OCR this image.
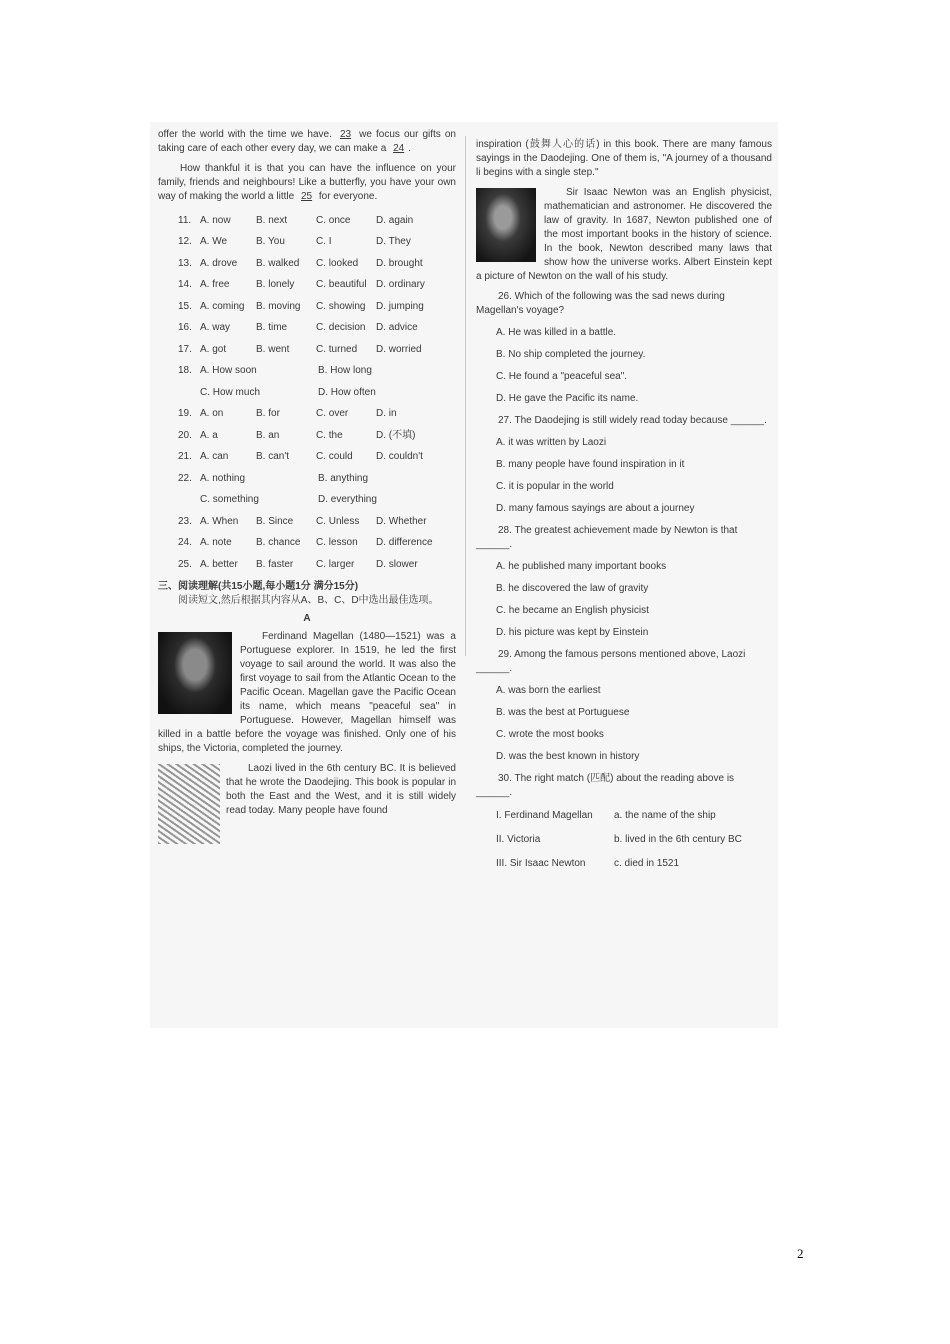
offer the world with the time we have. 23 we focus our gifts on taking care of each other every day, we can make a 24 .

How thankful it is that you can have the influence on your family, friends and neighbours! Like a butterfly, you have your own way of making the world a little 25 for everyone.

11. A. now	B. next	C. once	D. again
12. A. We	B. You	C. I	D. They
13. A. drove	B. walked	C. looked	D. brought
14. A. free	B. lonely	C. beautiful D. ordinary
15. A. coming	B. moving	C. showing	D. jumping
16. A. way	B. time	C. decision	D. advice
17. A. got	B. went	C. turned	D. worried
18. A. How soon	B. How long
C. How much	D. How often
19. A. on	B. for	C. over	D. in
20. A. a	B. an	C. the	D. (不填)
21. A. can	B. can't	C. could	D. couldn't
22. A. nothing	B. anything
C. something	D. everything
23. A. When	B. Since	C. Unless	D. Whether
24. A. note	B. chance	C. lesson	D. difference
25. A. better	B. faster	C. larger	D. slower
三、阅读理解(共15小题,每小题1分 满分15分)
阅读短文,然后根据其内容从A、B、C、D中选出最佳选项。
A

Ferdinand Magellan (1480—1521) was a Portuguese explorer. In 1519, he led the first voyage to sail around the world. It was also the first voyage to sail from the Atlantic Ocean to the Pacific Ocean. Magellan gave the Pacific Ocean its name, which means "peaceful sea" in Portuguese. However, Magellan himself was killed in a battle before the voyage was finished. Only one of his ships, the Victoria, completed the journey.

Laozi lived in the 6th century BC. It is believed that he wrote the Daodejing. This book is popular in both the East and the West, and it is still widely read today. Many people have found

inspiration (鼓舞人心的话) in this book. There are many famous sayings in the Daodejing. One of them is, "A journey of a thousand li begins with a single step."

Sir Isaac Newton was an English physicist, mathematician and astronomer. He discovered the law of gravity. In 1687, Newton published one of the most important books in the history of science. In the book, Newton described many laws that show how the universe works. Albert Einstein kept a picture of Newton on the wall of his study.

26. Which of the following was the sad news during Magellan's voyage?
A. He was killed in a battle.
B. No ship completed the journey.
C. He found a "peaceful sea".
D. He gave the Pacific its name.
27. The Daodejing is still widely read today because ______.
A. it was written by Laozi
B. many people have found inspiration in it
C. it is popular in the world
D. many famous sayings are about a journey
28. The greatest achievement made by Newton is that ______.
A. he published many important books
B. he discovered the law of gravity
C. he became an English physicist
D. his picture was kept by Einstein
29. Among the famous persons mentioned above, Laozi ______.
A. was born the earliest
B. was the best at Portuguese
C. wrote the most books
D. was the best known in history
30. The right match (匹配) about the reading above is ______.
I. Ferdinand Magellan	a. the name of the ship
II. Victoria	b. lived in the 6th century BC
III. Sir Isaac Newton	c. died in 1521
2
